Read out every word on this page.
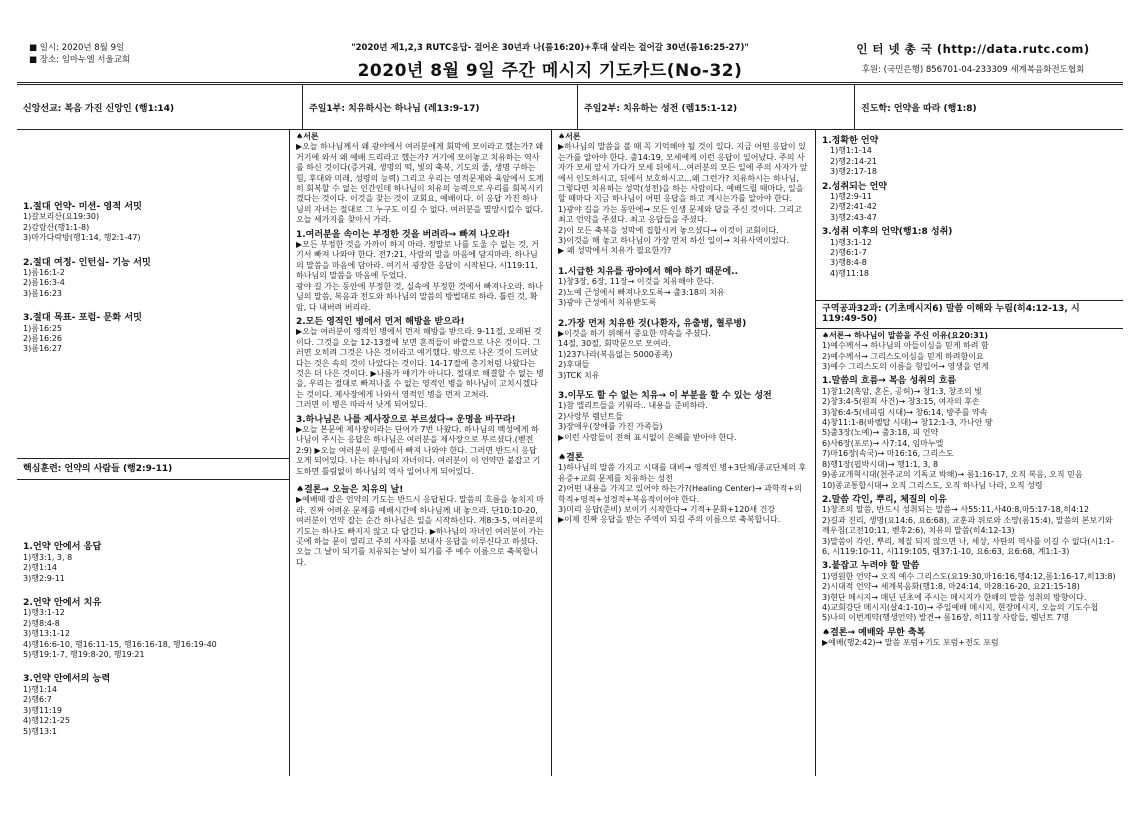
■ 일시: 2020년 8월 9일

■ 장소: 임마누엘 서울교회

"2020년 제1,2,3 RUTC응답- 걸어온 30년과 나(롬16:20)+후대 살리는 걸어갈 30년(롬16:25-27)"
2020년 8월 9일 주간 메시지 기도카드(No-32)
인 터 넷 총 국 (http://data.rutc.com)
후원: (국민은행) 856701-04-233309 세계복음화전도협회
신앙선교: 복음 가진 신앙인 (행1:14)	주일1부: 치유하시는 하나님 (레13:9-17)	주일2부: 치유하는 성전 (렘15:1-12)	진도학: 언약을 따라 (행1:8)
1.절대 언약- 미션- 영적 서밋

1)갈보리산(요19:30)

2)감람산(행1:1-8)

3)마가다락방(행1:14, 행2:1-47)

2.절대 여정- 인턴십- 기능 서밋

1)롬16:1-2

2)롬16:3-4

3)롬16:23

3.절대 목표- 포럼- 문화 서밋

1)롬16:25

2)롬16:26

3)롬16:27

핵심훈련: 언약의 사람들 (행2:9-11)
1.언약 안에서 응답

1)행3:1, 3, 8

2)행1:14

3)행2:9-11

2.언약 안에서 치유

1)행3:1-12

2)행8:4-8

3)행13:1-12

4)행16:6-10, 행16:11-15, 행16:16-18, 행16:19-40

5)행19:1-7, 행19:8-20, 행19:21

3.언약 안에서의 능력

1)행1:14

2)행6:7

3)행11:19

4)행12:1-25

5)행13:1

♠서론

▶오늘 하나님께서 왜 광야에서 여러분에게 회막에 모이라고 했는가? 왜 거기에 와서 왜 예배 드리라고 했는가? 거기에 모이놓고 치유하는 역사를 하신 것이다(증거궤, 생명의 떡, 빛의 축복, 기도의 줄, 생명 구하는 힘, 후대와 미래, 성령의 능력) 그리고 우리는 영적문제와 육암에서 도계히 회복할 수 없는 인간인데 하나님이 치유의 능력으로 우리를 회복시키겠다는 것이다. 이것을 찾는 것이 교회요, 예배이다. 이 응답 가진 하나님의 자녀는 절대로 그 누구도 이길 수 없다. 여러분을 멸망시킬수 없다. 오늘 세가지를 찾아서 가라.

1.여러분을 속이는 부정한 것을 버려라→ 빠져 나오라!

▶모든 부정한 것을 가까이 하지 마라. 정말로 나를 도울 수 없는 것, 거기서 빠져 나와야 한다. 전7:21, 사람의 말을 마음에 담지마라. 하나님의 말씀을 마음에 담아라. 여기서 굉장한 응답이 시작된다. 시119:11, 하나님의 말씀을 마음에 두었다.

광야 길 가는 동안에 부정한 것, 실속에 부정한 것에서 빠져나오라. 하나님의 말씀, 복음과 전도와 하나님의 말씀의 방법대로 하라. 틀린 것, 확암, 다 내버려 버리라.

2.모든 영적인 병에서 먼저 해방을 받으라!

▶오늘 여러분이 영적인 병에서 먼저 해방을 받으라. 9-11절, 오래된 것이다. 그것을 오늘 12-13절에 보면 흔적들이 바깥으로 나온 것이다. 그러면 오히려 그것은 나은 것이라고 얘기했다. 밖으로 나온 것이 드러났다는 것은 속의 것이 나았다는 것이다. 14-17절에 총기처럼 나왔다는 것은 더 나은 것이다. ▶나름가 얘기가 아니다. 절대로 해결할 수 없는 병을, 우리는 절대로 빠져나올 수 없는 영적인 병을 하나님이 고치시겠다는 것이다. 제사장에게 나와서 영적인 병을 먼저 고쳐라.

그러면 이 병은 따라서 낫게 되어있다.

3.하나님은 나를 제사장으로 부르셨다→ 운명을 바꾸라!

▶오늘 본문에 제사장이라는 단어가 7번 나왔다. 하나님의 백성에게 하나님이 주시는 응답은 하나님은 여러분을 제사장으로 부르셨다.(벧전2:9) ▶오늘 여러분이 운명에서 빠져 나와야 한다. 그러면 반드시 응답 오게 되어있다. 나는 하나님의 자녀이다. 여러분이 이 언약만 붙잡고 기도하면 틀림없이 하나님의 역사 일어나게 되어있다.

♠결론→ 오늘은 치유의 날!

▶예배때 잡은 언약의 기도는 반드시 응답된다. 말씀의 흐름을 놓치지 마라. 진짜 어려운 문제를 예배시간에 하나님께 내 놓으라. 단10:10-20, 여러분이 언약 잡는 순간 하나님은 일을 시작하신다. 계8:3-5, 여러분의 기도는 하나도 빠지지 않고 다 답긴다. ▶하나님의 자녀인 여러분이 가는 곳에 하늘 문이 열리고 주의 사자를 보내사 응답을 이루신다고 하셨다. 오늘 그 날이 되기를 치유되는 날이 되기를 주 예수 이름으로 축복합니다.

♠서론

▶하나님의 말씀을 볼 때 꼭 기억해야 될 것이 있다. 지금 어떤 응답이 있는가를 알아야 한다. 출14:19, 모세에게 이런 응답이 일어났다. 주의 사자가 모세 앞서 가다가 모세 뒤에서...여러분의 모든 일에 주의 사자가 앞에서 인도하시고, 뒤에서 보호하시고...왜 그런가? 치유하시는 하나님, 그렇다면 치유하는 성막(성전)을 하는 사람이다. 예배드릴 때마다, 일을 할 때마다 지금 하나님이 어떤 응답을 하고 계시는가를 알아야 한다.

1)광야 길을 가는 동안에→ 모든 인생 문제와 답을 주신 것이다. 그리고 최고 언약을 주셨다. 최고 응답들을 주셨다.

2)이 모든 축복을 성막에 집합시켜 놓으셨다→ 이것이 교회이다.

3)이것을 해 놓고 하나님이 가장 먼저 하신 일이→ 치유사역이었다.

▶ 왜 성막에서 치유가 필요한가?

1.시급한 치유를 광야에서 해야 하기 때문에..

1)창3장, 6장, 11장→ 이것을 치유해야 한다.

2)노예 근성에서 빠져나오도록→ 출3:18의 치유

3)광야 근성에서 치유받도록

2.가장 먼저 치유한 것(나환자, 유출병, 혈루병)

▶이것을 하기 위해서 중요한 약속을 주셨다.

14절, 30절, 회막문으로 모여라.

1)237나라(복음없는 5000종족)

2)후대들

3)TCK 치유

3.이무도 할 수 없는 치유→ 이 부분을 할 수 있는 성전

1)참 엘리트들을 키워라.. 내용을 준비하라.

2)사랑부 렘넌트들

3)장애우(장애를 가진 가족들)

▶이런 사람들이 전혀 표시없이 은혜를 받아야 한다.

♠결론

1)하나님의 말씀 가지고 시대를 대비→ 영적인 병+3단체/종교단체의 후유증+교회 문제를 치유하는 성전

2)어떤 내용을 가지고 있어야 하는가?(Healing Center)→ 과학적+의학적+영적+성경적+복음적이어야 한다.

3)미리 응답(준비) 보이기 시작한다→ 기적+문화+120새 건강

▶이제 진짜 응답을 받는 주역이 되길 주의 이름으로 축복합니다.

1.정확한 언약

1)행1:1-14

2)행2:14-21

3)행2:17-18

2.성취되는 언약

1)행2:9-11

2)행2:41-42

3)행2:43-47

3.성취 이후의 언약(행1:8 성취)

1)행3:1-12

2)행6:1-7

3)행8:4-8

4)행11:18

구역공과32과: (기초메시지6) 말씀 이해와 누림(히4:12-13, 시119:49-50)
♠서론→ 하나님이 말씀을 주신 이유(요20:31)

1)예수께서→ 하나님의 아들이심을 믿게 하려 함

2)예수께서→ 그리스도이심을 믿게 하려함이요

3)예수 그리스도의 이름을 힘입어→ 영생을 얻게

1.말씀의 흐름→ 복음 성취의 흐름

1)창1:2(혹암, 혼돈, 공허)→ 창1:3, 창조의 빛

2)창3:4-5(원죄 사건)→ 창3:15, 여자의 후손

3)창6:4-5(네피림 시대)→ 창6:14, 방주를 약속

4)창11:1-8(바벨탑 시대)→ 창12:1-3, 가나안 땅

5)출3장(노예)→ 출3:18, 피 언약

6)사6장(포로)→ 사7:14, 임마누엘

7)마16장(속국)→ 마16:16, 그리스도

8)행1장(핍박시대)→ 행1:1, 3, 8

9)종교개혁시대(천주교의 기독교 박해)→ 롬1:16-17, 오직 복음, 오직 믿음

10)종교통합시대→ 오직 그리스도, 오직 하나님 나라, 오직 성령

2.말씀 각인, 뿌리, 체질의 이유

1)창조의 말씀, 반드시 성취되는 말씀→ 사55:11,사40:8,마5:17-18,히4:12

2)길과 진리, 생명(요14:6, 요6:68), 교훈과 위로와 소망(롬15:4), 말씀의 본보기와 깨우침(고전10:11, 벧후2:6), 치유의 말씀(히4:12-13)

3)말씀이 각인, 뿌리, 체질 되지 않으면 나, 세상, 사탄의 역사를 이길 수 없다(시1:1-6, 시119:10-11, 시119:105, 렘37:1-10, 요6:63, 요6:68, 계1:1-3)

3.붙잡고 누려야 할 말씀

1)영원한 언약→ 오직 예수 그리스도(요19:30,마16:16,행4:12,롬1:16-17,히13:8)

2)시대적 언약→ 세계복음화(행1:8, 마24:14, 마28:16-20, 요21:15-18)

3)현단 메시지→ 매년 년초에 주시는 메시지가 한해의 말씀 성취의 방향이다.

4)교회강단 메시지(살4:1-10)→ 주일예배 메시지, 현장메시지, 오늘의 기도수첩

5)나의 이번계약(행생언약) 발견→ 롬16장, 히11장 사람들, 렘넌트 7명

♠결론→ 예배와 무한 축복

▶예배(행2:42)→ 말씀 포럼+기도 포럼+전도 포럼
